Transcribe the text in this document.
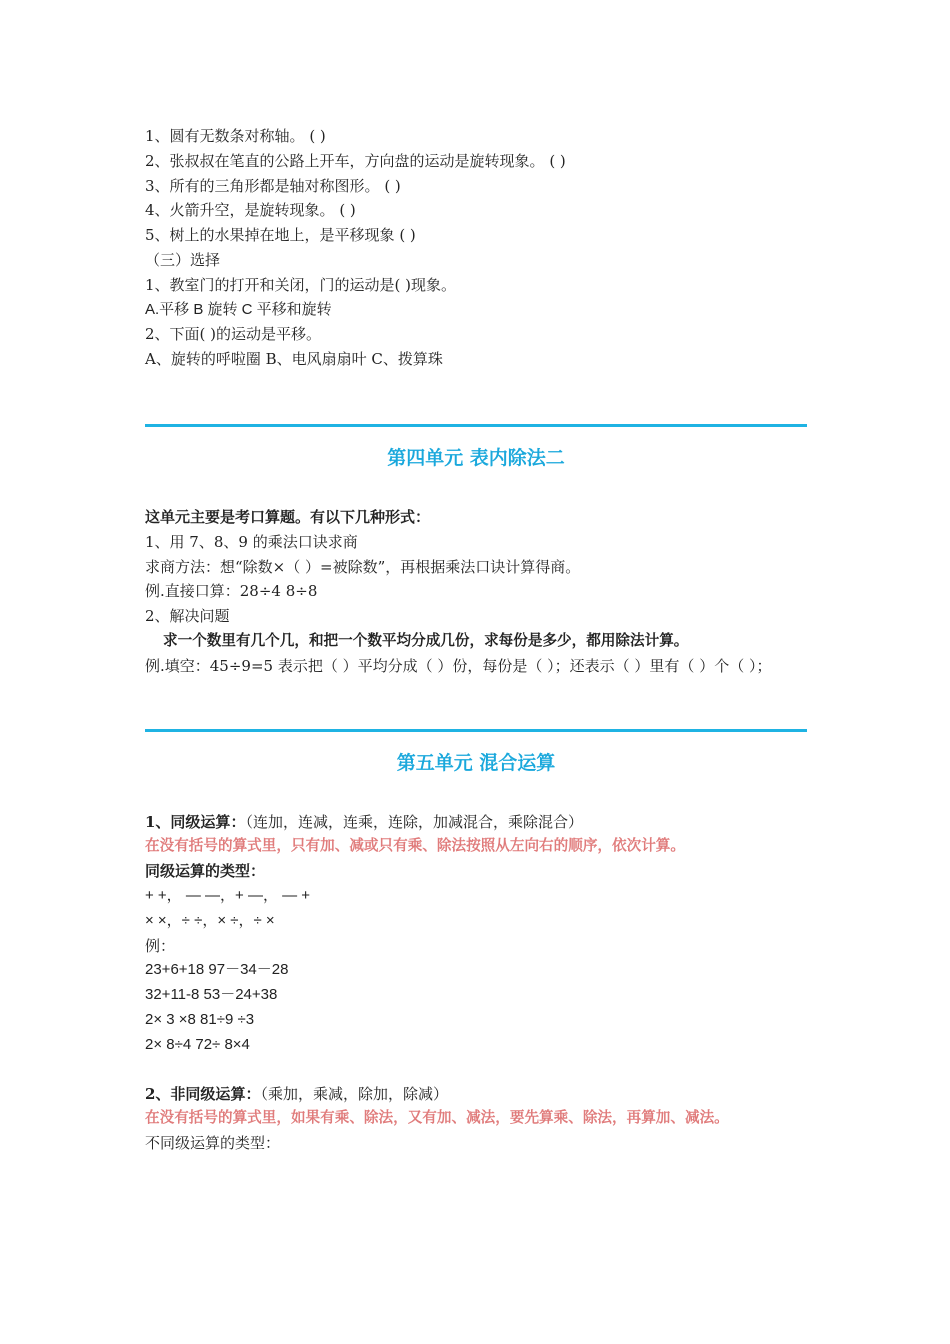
1、圆有无数条对称轴。 ( )
2、张叔叔在笔直的公路上开车，方向盘的运动是旋转现象。 ( )
3、所有的三角形都是轴对称图形。 ( )
4、火箭升空，是旋转现象。 ( )
5、树上的水果掉在地上，是平移现象 ( )
（三）选择
1、教室门的打开和关闭，门的运动是( )现象。
A.平移 B 旋转 C 平移和旋转
2、下面( )的运动是平移。
A、旋转的呼啦圈 B、电风扇扇叶 C、拨算珠
第四单元 表内除法二
这单元主要是考口算题。有以下几种形式：
1、用 7、8、9 的乘法口诀求商
求商方法：想“除数×（ ）=被除数”，再根据乘法口诀计算得商。
例.直接口算：28÷4 8÷8
2、解决问题
求一个数里有几个几，和把一个数平均分成几份，求每份是多少，都用除法计算。
例.填空：45÷9=5 表示把（ ）平均分成（ ）份，每份是（ ）；还表示（ ）里有（ ）个（ ）；
第五单元 混合运算
1、同级运算：（连加，连减，连乘，连除，加减混合，乘除混合）
在没有括号的算式里，只有加、减或只有乘、除法按照从左向右的顺序，依次计算。
同级运算的类型：
+ +， — —，+ —， — +
× ×，÷ ÷，× ÷，÷ ×
例：
23+6+18 97－34－28
32+11-8 53－24+38
2× 3 ×8 81÷9 ÷3
2× 8÷4 72÷ 8×4
2、非同级运算：（乘加，乘减，除加，除减）
在没有括号的算式里，如果有乘、除法，又有加、减法，要先算乘、除法，再算加、减法。
不同级运算的类型：
